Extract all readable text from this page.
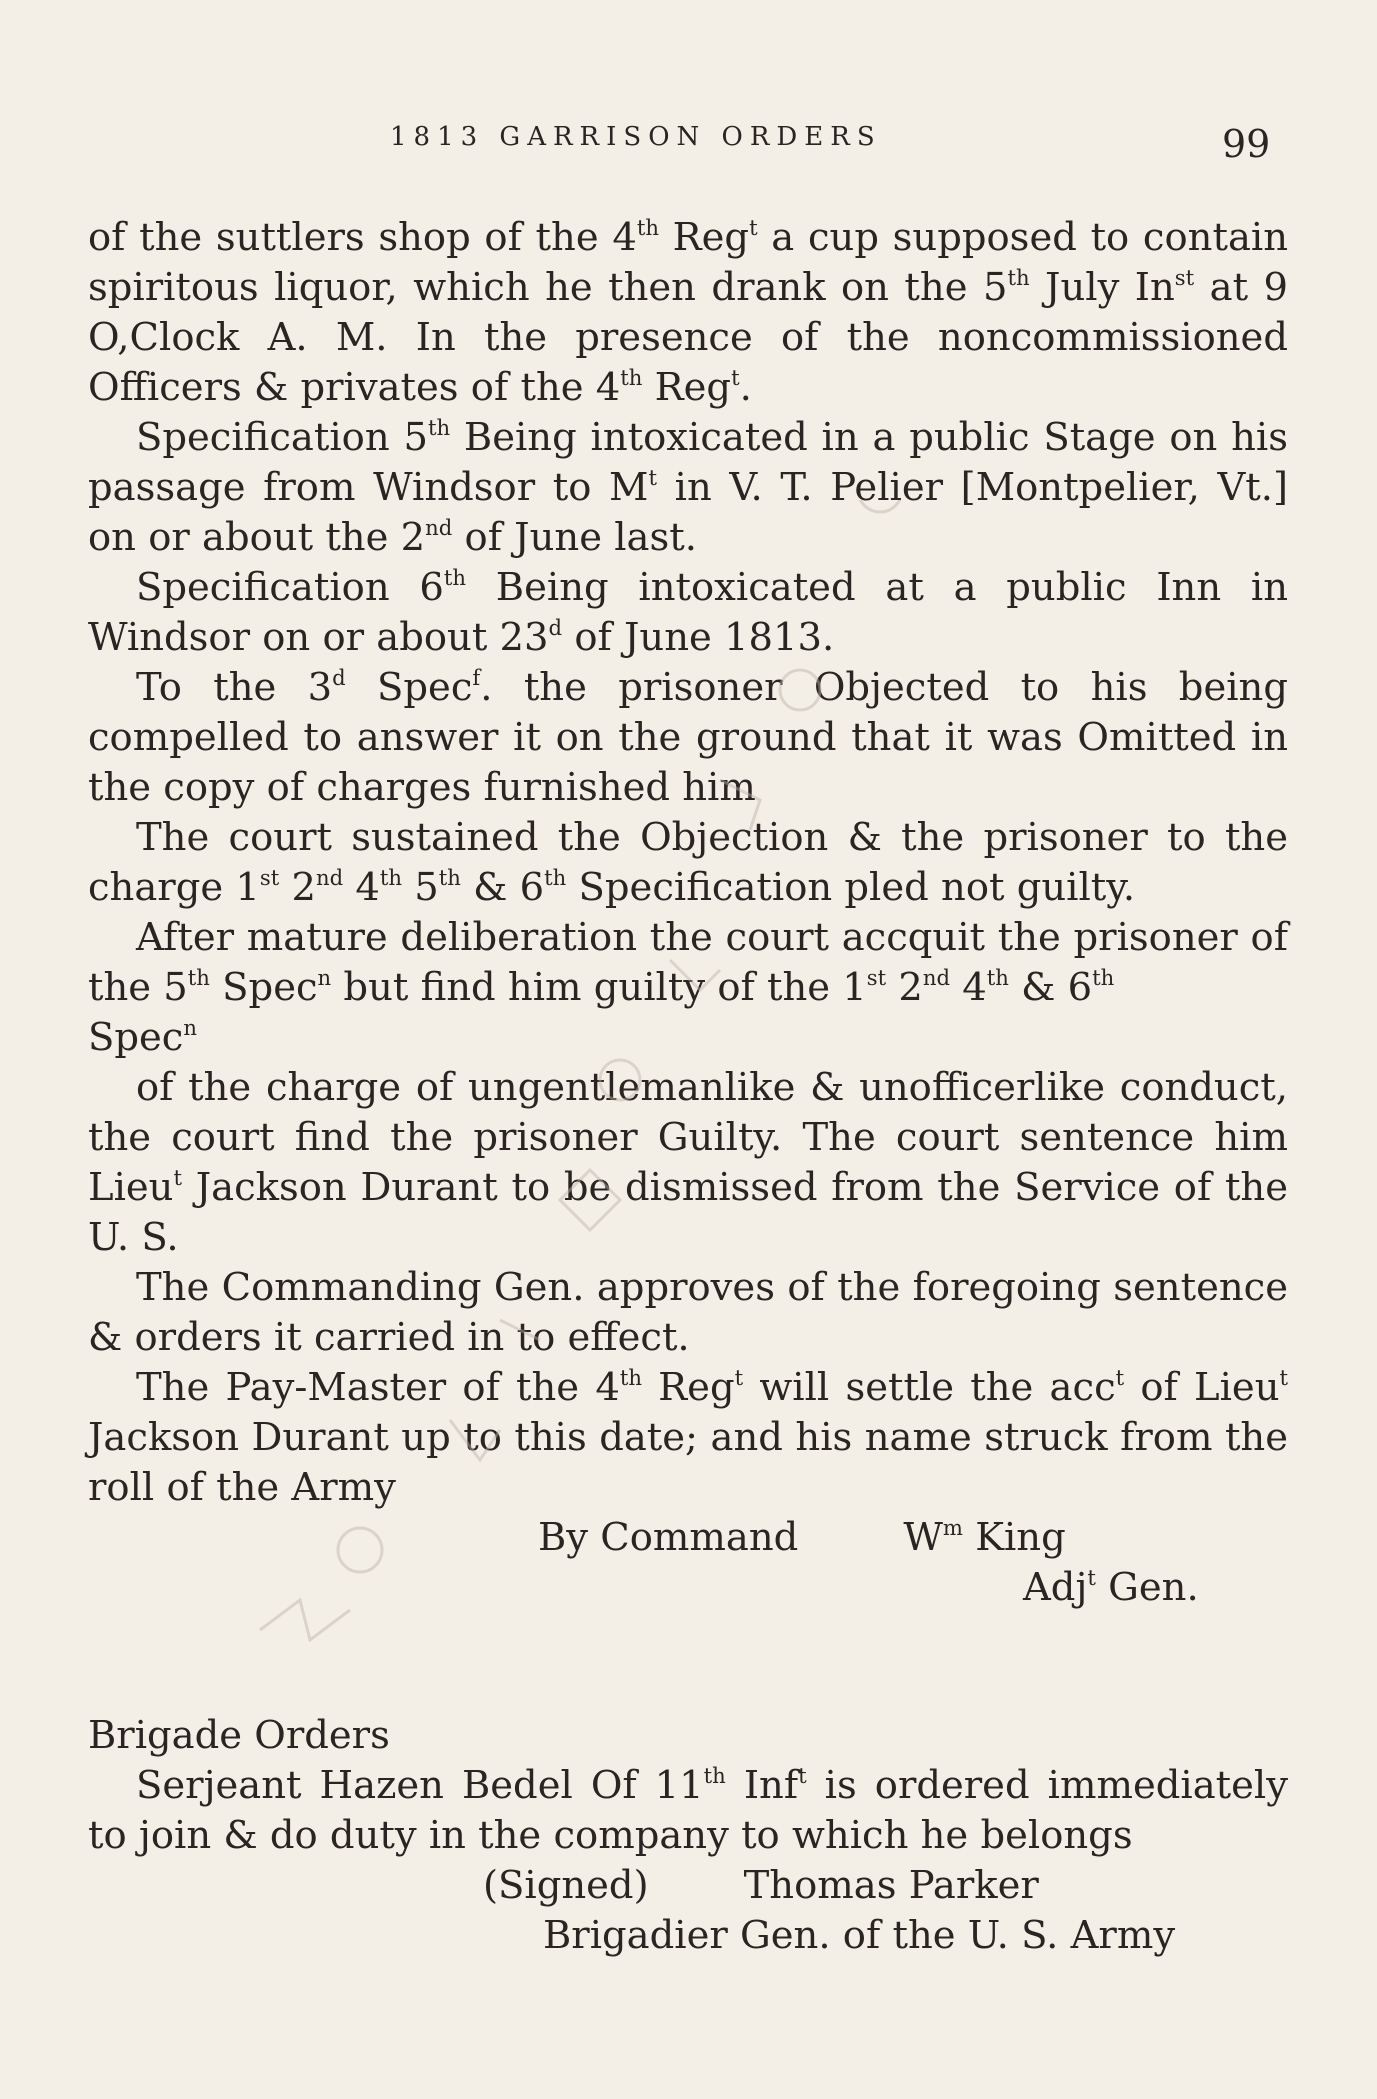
1813 GARRISON ORDERS	99

of the suttlers shop of the 4th Reg$^t$ a cup supposed to contain spiritous liquor, which he then drank on the 5th July $In^{st}$ at 9 O,Clock A. M. In the presence of the noncommissioned Officers & privates of the 4th Reg$^t$.

Specification 5th Being intoxicated in a public Stage on his passage from Windsor to $M^t$ in V. T. Pelier [Montpelier, Vt.] on or about the 2nd of June last.

Specification 6th Being intoxicated at a public Inn in Windsor on or about 23$^d$ of June 1813.

To the 3$^d$ Spec$^f$. the prisoner Objected to his being compelled to answer it on the ground that it was Omitted in the copy of charges furnished him

The court sustained the Objection & the prisoner to the charge 1st 2nd 4th 5th & 6th Specification pled not guilty.

After mature deliberation the court accquit the prisoner of the 5th Spec$^n$ but find him guilty of the 1st 2nd 4th & 6th
Spec$^n$

of the charge of ungentlemanlike & unofficerlike conduct, the court find the prisoner Guilty. The court sentence him Lieu$^t$ Jackson Durant to be dismissed from the Service of the U. S.

The Commanding Gen. approves of the foregoing sentence & orders it carried in to effect.

The Pay-Master of the 4th Reg$^t$ will settle the acc$^t$ of Lieu$^t$ Jackson Durant up to this date; and his name struck from the roll of the Army

By Command	$W^m$ King
Adj$^t$ Gen.

Brigade Orders

Serjeant Hazen Bedel Of 11th Inf$^t$ is ordered immediately to join & do duty in the company to which he belongs

(Signed) Thomas Parker
Brigadier Gen. of the U. S. Army
